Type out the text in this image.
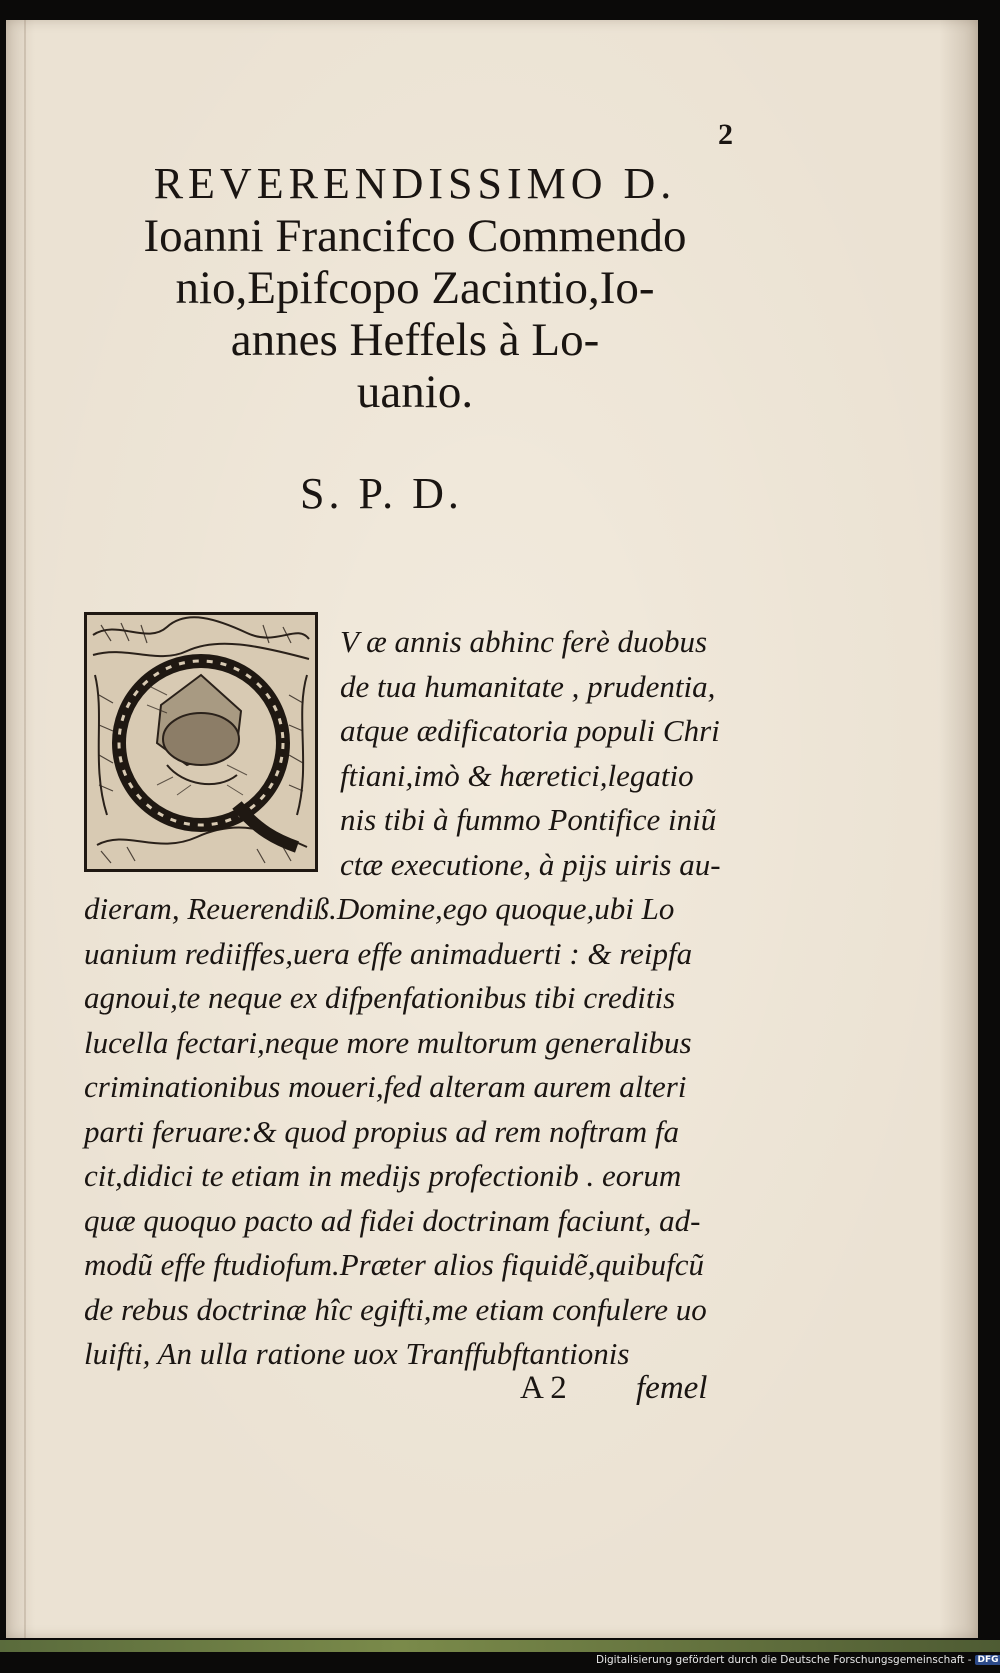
2
REVERENDISSIMO D.
Ioanni Francifco Commendo
nio,Epifcopo Zacintio,Io-
annes Heffels à Lo-
uanio.
S. P. D.
V æ annis abhinc ferè duobus
de tua humanitate , prudentia,
atque ædificatoria populi Chri
ftiani,imò & hæretici,legatio
nis tibi à fummo Pontifice iniũ
ctæ executione, à pijs uiris au-
dieram, Reuerendiß.Domine,ego quoque,ubi Lo
uanium rediiffes,uera effe animaduerti : & reipfa
agnoui,te neque ex difpenfationibus tibi creditis
lucella fectari,neque more multorum generalibus
criminationibus moueri,fed alteram aurem alteri
parti feruare:& quod propius ad rem noftram fa
cit,didici te etiam in medijs profectionib . eorum
quæ quoquo pacto ad fidei doctrinam faciunt, ad-
modũ effe ftudiofum.Præter alios fiquidẽ,quibufcũ
de rebus doctrinæ hîc egifti,me etiam confulere uo
luifti, An ulla ratione uox Tranffubftantionis
A 2 femel
Digitalisierung gefördert durch die Deutsche Forschungsgemeinschaft - DFG
